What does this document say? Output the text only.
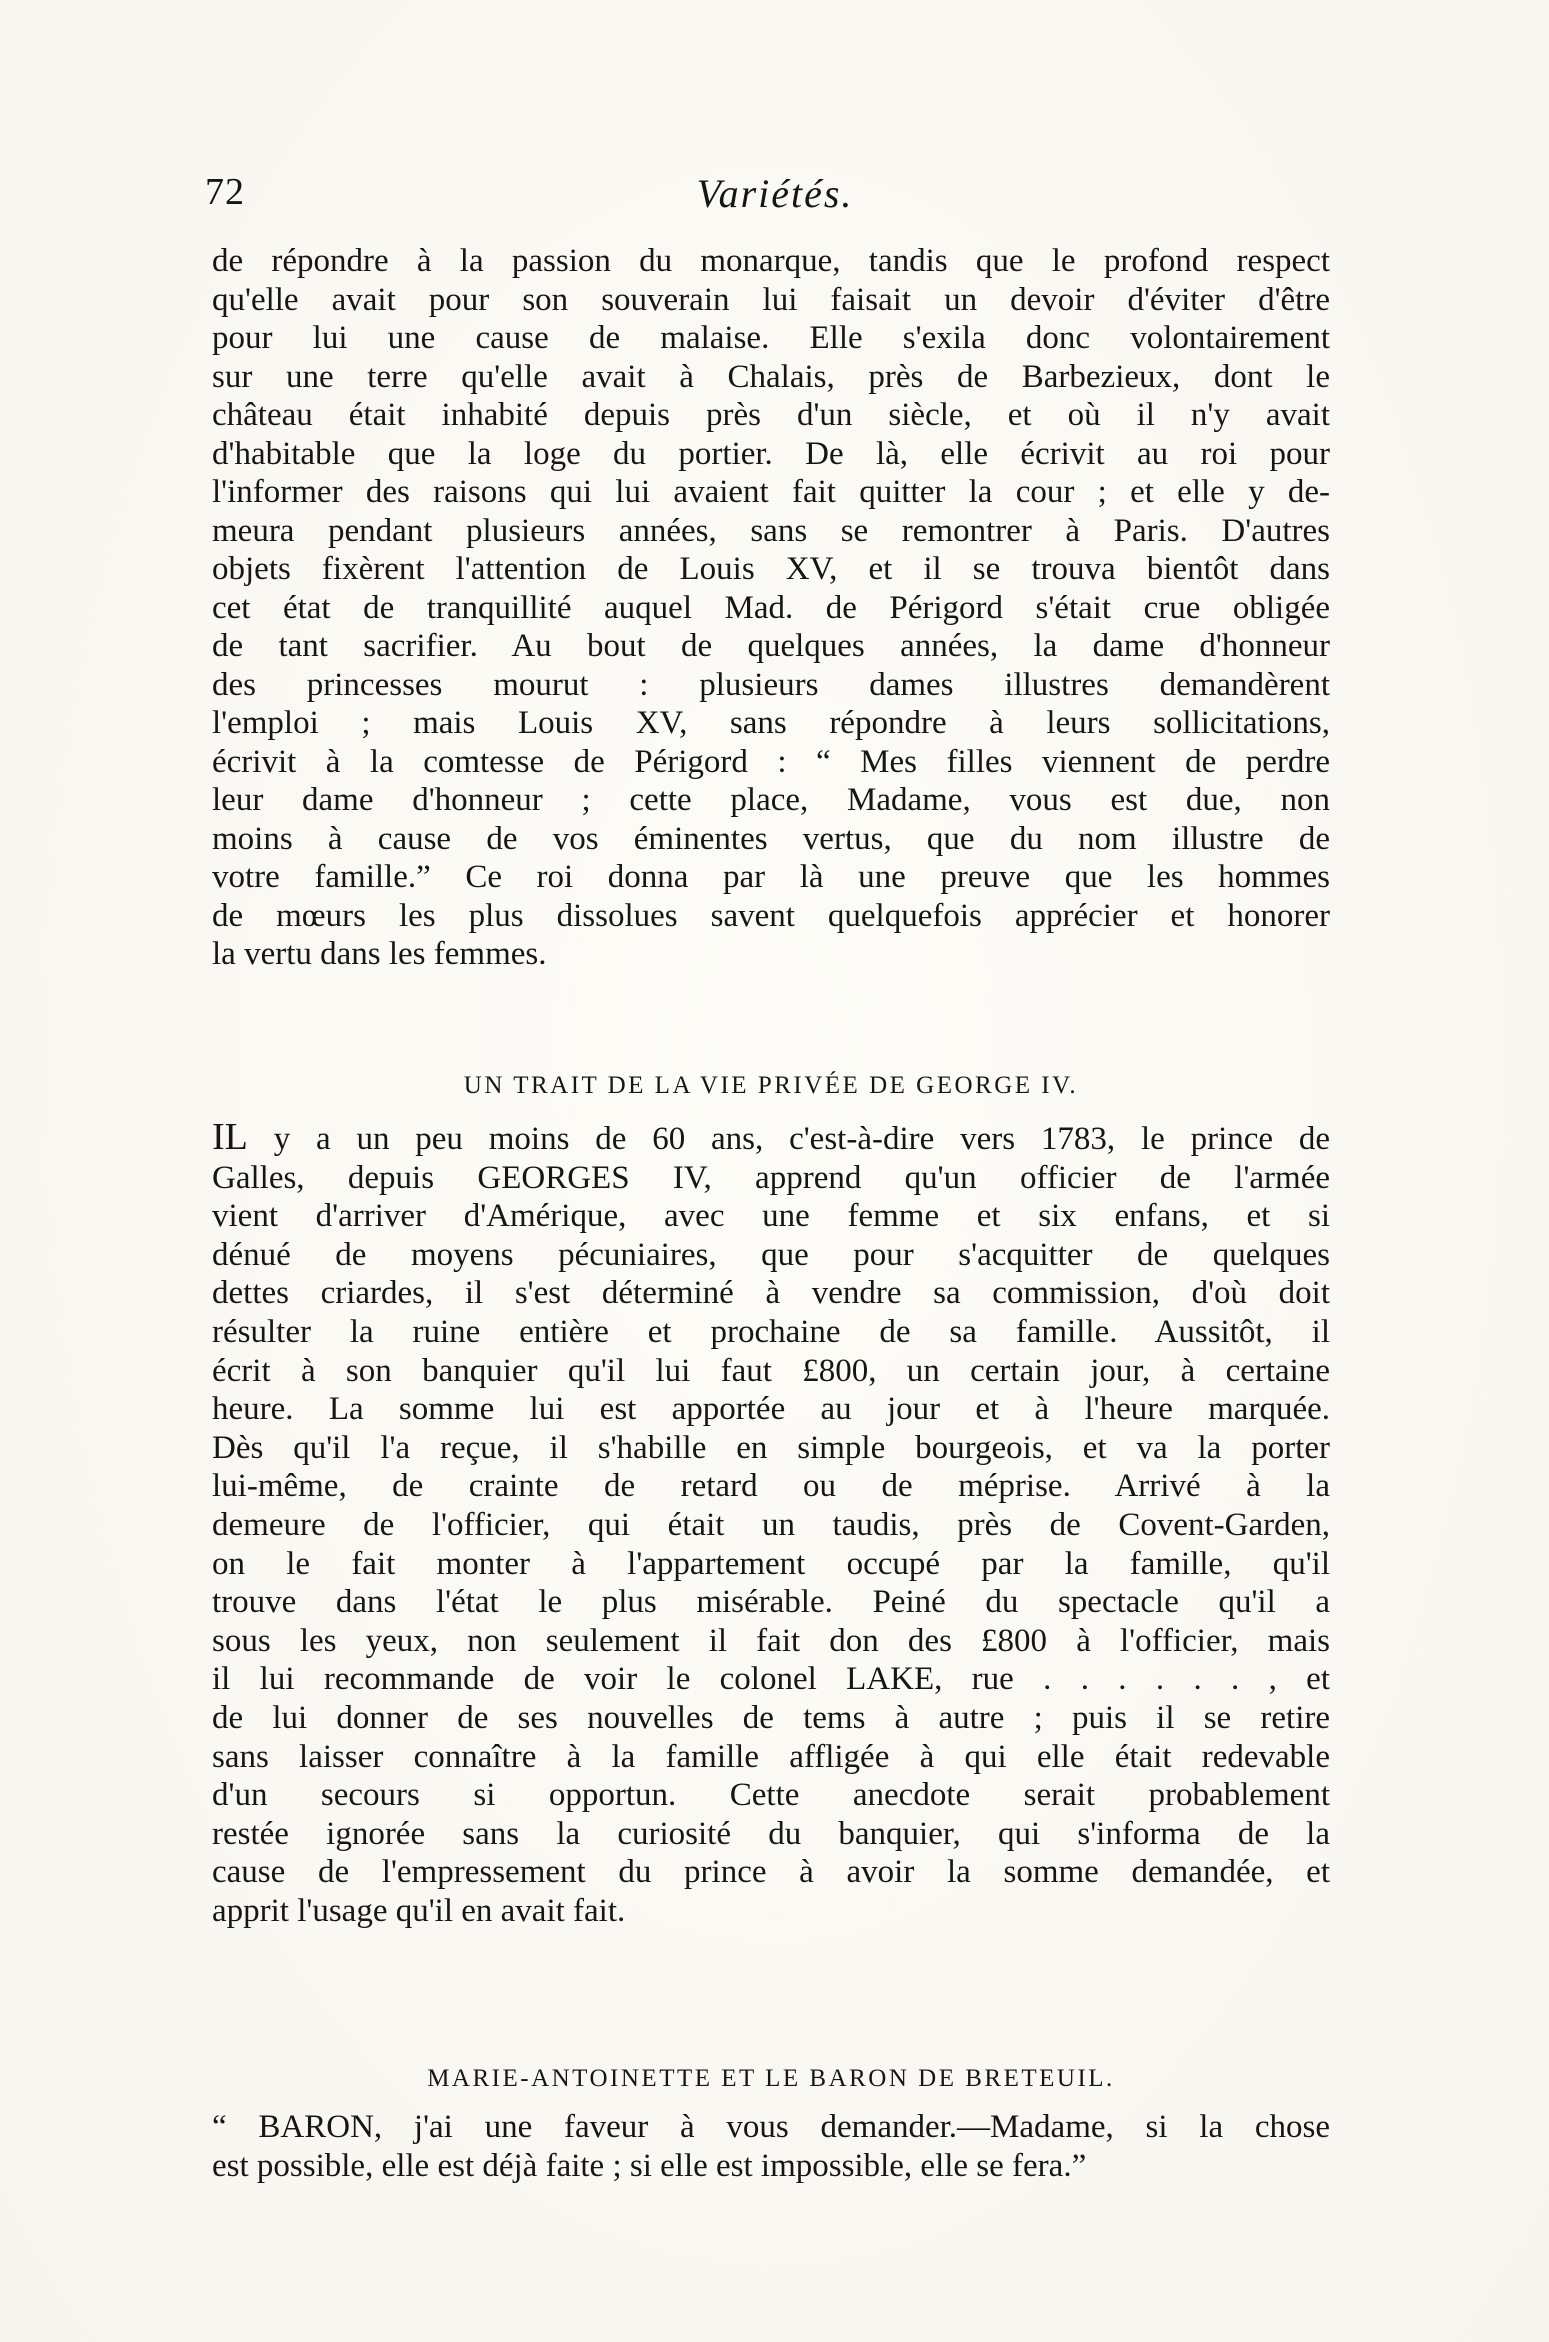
72	Variétés.
de répondre à la passion du monarque, tandis que le profond respect
qu'elle avait pour son souverain lui faisait un devoir d'éviter d'être
pour lui une cause de malaise. Elle s'exila donc volontairement
sur une terre qu'elle avait à Chalais, près de Barbezieux, dont le
château était inhabité depuis près d'un siècle, et où il n'y avait
d'habitable que la loge du portier. De là, elle écrivit au roi pour
l'informer des raisons qui lui avaient fait quitter la cour ; et elle y de-
meura pendant plusieurs années, sans se remontrer à Paris. D'autres
objets fixèrent l'attention de Louis XV, et il se trouva bientôt dans
cet état de tranquillité auquel Mad. de Périgord s'était crue obligée
de tant sacrifier. Au bout de quelques années, la dame d'honneur
des princesses mourut : plusieurs dames illustres demandèrent
l'emploi ; mais Louis XV, sans répondre à leurs sollicitations,
écrivit à la comtesse de Périgord : “ Mes filles viennent de perdre
leur dame d'honneur ; cette place, Madame, vous est due, non
moins à cause de vos éminentes vertus, que du nom illustre de
votre famille.” Ce roi donna par là une preuve que les hommes
de mœurs les plus dissolues savent quelquefois apprécier et honorer
la vertu dans les femmes.
UN TRAIT DE LA VIE PRIVÉE DE GEORGE IV.
IL y a un peu moins de 60 ans, c'est-à-dire vers 1783, le prince de
Galles, depuis GEORGES IV, apprend qu'un officier de l'armée
vient d'arriver d'Amérique, avec une femme et six enfans, et si
dénué de moyens pécuniaires, que pour s'acquitter de quelques
dettes criardes, il s'est déterminé à vendre sa commission, d'où doit
résulter la ruine entière et prochaine de sa famille. Aussitôt, il
écrit à son banquier qu'il lui faut £800, un certain jour, à certaine
heure. La somme lui est apportée au jour et à l'heure marquée.
Dès qu'il l'a reçue, il s'habille en simple bourgeois, et va la porter
lui-même, de crainte de retard ou de méprise. Arrivé à la
demeure de l'officier, qui était un taudis, près de Covent-Garden,
on le fait monter à l'appartement occupé par la famille, qu'il
trouve dans l'état le plus misérable. Peiné du spectacle qu'il a
sous les yeux, non seulement il fait don des £800 à l'officier, mais
il lui recommande de voir le colonel LAKE, rue . . . . . . , et
de lui donner de ses nouvelles de tems à autre ; puis il se retire
sans laisser connaître à la famille affligée à qui elle était redevable
d'un secours si opportun. Cette anecdote serait probablement
restée ignorée sans la curiosité du banquier, qui s'informa de la
cause de l'empressement du prince à avoir la somme demandée, et
apprit l'usage qu'il en avait fait.
MARIE-ANTOINETTE ET LE BARON DE BRETEUIL.
“ BARON, j'ai une faveur à vous demander.—Madame, si la chose
est possible, elle est déjà faite ; si elle est impossible, elle se fera.”
